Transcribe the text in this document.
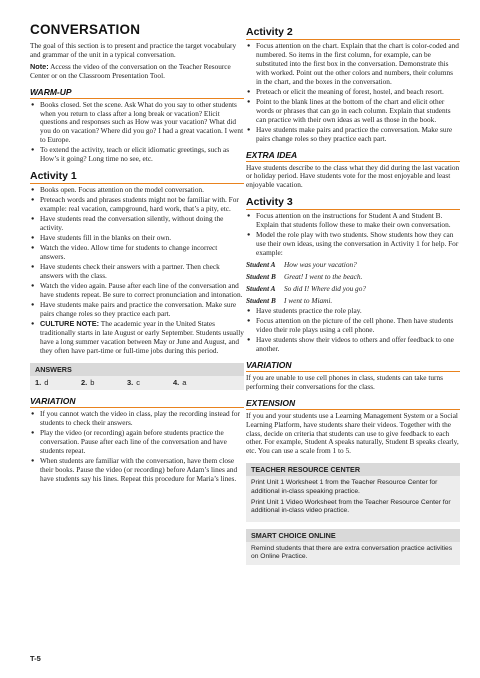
CONVERSATION

The goal of this section is to present and practice the target vocabulary and grammar of the unit in a typical conversation.

Note: Access the video of the conversation on the Teacher Resource Center or on the Classroom Presentation Tool.

WARM-UP
● Books closed. Set the scene. Ask What do you say to other students when you return to class after a long break or vacation? Elicit questions and responses such as How was your vacation? What did you do on vacation? Where did you go? I had a great vacation. I went to Europe.
● To extend the activity, teach or elicit idiomatic greetings, such as How’s it going? Long time no see, etc.
Activity 1
● Books open. Focus attention on the model conversation.
● Preteach words and phrases students might not be familiar with. For example: real vacation, campground, hard work, that’s a pity, etc.
● Have students read the conversation silently, without doing the activity.
● Have students fill in the blanks on their own.
● Watch the video. Allow time for students to change incorrect answers.
● Have students check their answers with a partner. Then check answers with the class.
● Watch the video again. Pause after each line of the conversation and have students repeat. Be sure to correct pronunciation and intonation.
● Have students make pairs and practice the conversation. Make sure pairs change roles so they practice each part.
● CULTURE NOTE: The academic year in the United States traditionally starts in late August or early September. Students usually have a long summer vacation between May or June and August, and they often have part-time or full-time jobs during this period.
ANSWERS
1. d	2. b	3. c	4. a
VARIATION
● If you cannot watch the video in class, play the recording instead for students to check their answers.
● Play the video (or recording) again before students practice the conversation. Pause after each line of the conversation and have students repeat.
● When students are familiar with the conversation, have them close their books. Pause the video (or recording) before Adam’s lines and have students say his lines. Repeat this procedure for Maria’s lines.
Activity 2
● Focus attention on the chart. Explain that the chart is color-coded and numbered. So items in the first column, for example, can be substituted into the first box in the conversation. Demonstrate this with worked. Point out the other colors and numbers, their columns in the chart, and the boxes in the conversation.
● Preteach or elicit the meaning of forest, hostel, and beach resort.
● Point to the blank lines at the bottom of the chart and elicit other words or phrases that can go in each column. Explain that students can practice with their own ideas as well as those in the book.
● Have students make pairs and practice the conversation. Make sure pairs change roles so they practice each part.
EXTRA IDEA

Have students describe to the class what they did during the last vacation or holiday period. Have students vote for the most enjoyable and least enjoyable vacation.

Activity 3
● Focus attention on the instructions for Student A and Student B. Explain that students follow these to make their own conversation.
● Model the role play with two students. Show students how they can use their own ideas, using the conversation in Activity 1 for help. For example:
Student A	How was your vacation?
Student B	Great! I went to the beach.
Student A	So did I! Where did you go?
Student B	I went to Miami.
● Have students practice the role play.
● Focus attention on the picture of the cell phone. Then have students video their role plays using a cell phone.
● Have students show their videos to others and offer feedback to one another.
VARIATION

If you are unable to use cell phones in class, students can take turns performing their conversations for the class.

EXTENSION

If you and your students use a Learning Management System or a Social Learning Platform, have students share their videos. Together with the class, decide on criteria that students can use to give feedback to each other. For example, Student A speaks naturally, Student B speaks clearly, etc. You can use a scale from 1 to 5.

TEACHER RESOURCE CENTER
Print Unit 1 Worksheet 1 from the Teacher Resource Center for additional in-class speaking practice.
Print Unit 1 Video Worksheet from the Teacher Resource Center for additional in-class video practice.
SMART CHOICE ONLINE
Remind students that there are extra conversation practice activities on Online Practice.
T-5
